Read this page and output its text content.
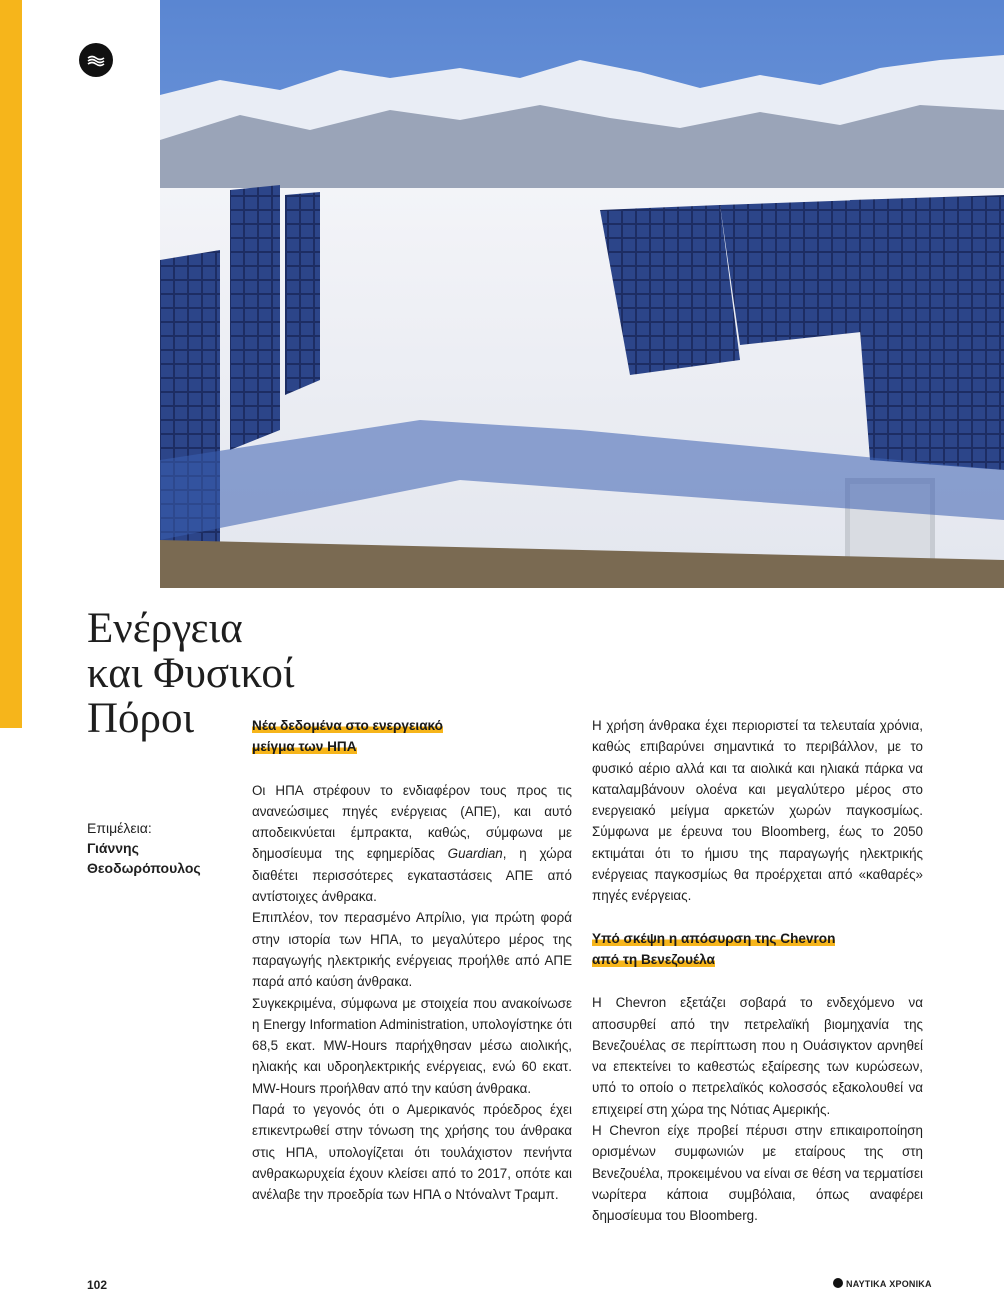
Ενέργεια
και Φυσικοί
Πόροι
Επιμέλεια:
Γιάννης
Θεοδωρόπουλος
Νέα δεδομένα στο ενεργειακό
μείγμα των ΗΠΑ

Οι ΗΠΑ στρέφουν το ενδιαφέρον τους προς τις ανανεώσιμες πηγές ενέργειας (ΑΠΕ), και αυτό αποδεικνύεται έμπρακτα, καθώς, σύμφωνα με δημοσίευμα της εφημερίδας Guardian, η χώρα διαθέτει περισσότερες εγκαταστάσεις ΑΠΕ από αντίστοιχες άνθρακα.

Επιπλέον, τον περασμένο Απρίλιο, για πρώτη φορά στην ιστορία των ΗΠΑ, το μεγαλύτερο μέρος της παραγωγής ηλεκτρικής ενέργειας προήλθε από ΑΠΕ παρά από καύση άνθρακα.

Συγκεκριμένα, σύμφωνα με στοιχεία που ανακοίνωσε η Energy Information Administration, υπολογίστηκε ότι 68,5 εκατ. MW-Hours παρήχθησαν μέσω αιολικής, ηλιακής και υδροηλεκτρικής ενέργειας, ενώ 60 εκατ. MW-Hours προήλθαν από την καύση άνθρακα.

Παρά το γεγονός ότι ο Αμερικανός πρόεδρος έχει επικεντρωθεί στην τόνωση της χρήσης του άνθρακα στις ΗΠΑ, υπολογίζεται ότι τουλάχιστον πενήντα ανθρακωρυχεία έχουν κλείσει από το 2017, οπότε και ανέλαβε την προεδρία των ΗΠΑ ο Ντόναλντ Τραμπ.

Η χρήση άνθρακα έχει περιοριστεί τα τελευταία χρόνια, καθώς επιβαρύνει σημαντικά το περιβάλλον, με το φυσικό αέριο αλλά και τα αιολικά και ηλιακά πάρκα να καταλαμβάνουν ολοένα και μεγαλύτερο μέρος στο ενεργειακό μείγμα αρκετών χωρών παγκοσμίως. Σύμφωνα με έρευνα του Bloomberg, έως το 2050 εκτιμάται ότι το ήμισυ της παραγωγής ηλεκτρικής ενέργειας παγκοσμίως θα προέρχεται από «καθαρές» πηγές ενέργειας.

Υπό σκέψη η απόσυρση της Chevron
από τη Βενεζουέλα

Η Chevron εξετάζει σοβαρά το ενδεχόμενο να αποσυρθεί από την πετρελαϊκή βιομηχανία της Βενεζουέλας σε περίπτωση που η Ουάσιγκτον αρνηθεί να επεκτείνει το καθεστώς εξαίρεσης των κυρώσεων, υπό το οποίο ο πετρελαϊκός κολοσσός εξακολουθεί να επιχειρεί στη χώρα της Νότιας Αμερικής.

Η Chevron είχε προβεί πέρυσι στην επικαιροποίηση ορισμένων συμφωνιών με εταίρους της στη Βενεζουέλα, προκειμένου να είναι σε θέση να τερματίσει νωρίτερα κάποια συμβόλαια, όπως αναφέρει δημοσίευμα του Bloomberg.

102	ΝΑΥΤΙΚΑ ΧΡΟΝΙΚΑ
